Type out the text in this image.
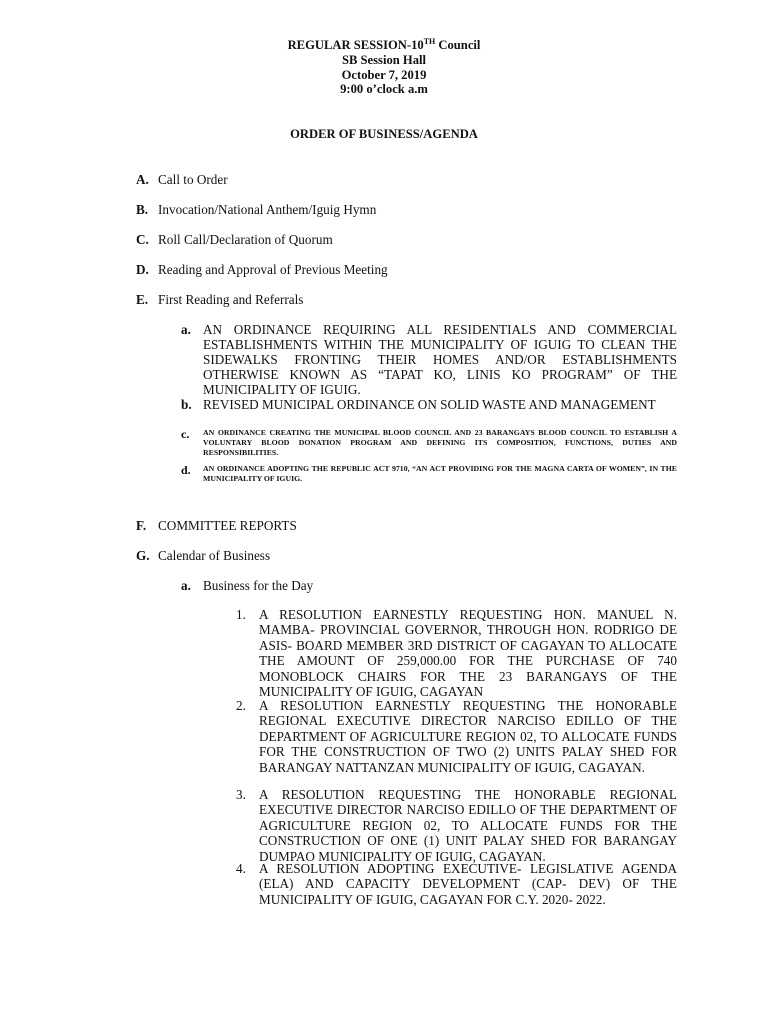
REGULAR SESSION-10TH Council
SB Session Hall
October 7, 2019
9:00 o’clock a.m
ORDER OF BUSINESS/AGENDA
A. Call to Order
B. Invocation/National Anthem/Iguig Hymn
C. Roll Call/Declaration of Quorum
D. Reading and Approval of Previous Meeting
E. First Reading and Referrals
a. AN ORDINANCE REQUIRING ALL RESIDENTIALS AND COMMERCIAL ESTABLISHMENTS WITHIN THE MUNICIPALITY OF IGUIG TO CLEAN THE SIDEWALKS FRONTING THEIR HOMES AND/OR ESTABLISHMENTS OTHERWISE KNOWN AS “TAPAT KO, LINIS KO PROGRAM” OF THE MUNICIPALITY OF IGUIG.
b. REVISED MUNICIPAL ORDINANCE ON SOLID WASTE AND MANAGEMENT
c. AN ORDINANCE CREATING THE MUNICIPAL BLOOD COUNCIL AND 23 BARANGAYS BLOOD COUNCIL TO ESTABLISH A VOLUNTARY BLOOD DONATION PROGRAM AND DEFINING ITS COMPOSITION, FUNCTIONS, DUTIES AND RESPONSIBILITIES.
d. AN ORDINANCE ADOPTING THE REPUBLIC ACT 9710, “AN ACT PROVIDING FOR THE MAGNA CARTA OF WOMEN”, IN THE MUNICIPALITY OF IGUIG.
F. COMMITTEE REPORTS
G. Calendar of Business
a. Business for the Day
1. A RESOLUTION EARNESTLY REQUESTING HON. MANUEL N. MAMBA- PROVINCIAL GOVERNOR, THROUGH HON. RODRIGO DE ASIS- BOARD MEMBER 3RD DISTRICT OF CAGAYAN TO ALLOCATE THE AMOUNT OF 259,000.00 FOR THE PURCHASE OF 740 MONOBLOCK CHAIRS FOR THE 23 BARANGAYS OF THE MUNICIPALITY OF IGUIG, CAGAYAN
2. A RESOLUTION EARNESTLY REQUESTING THE HONORABLE REGIONAL EXECUTIVE DIRECTOR NARCISO EDILLO OF THE DEPARTMENT OF AGRICULTURE REGION 02, TO ALLOCATE FUNDS FOR THE CONSTRUCTION OF TWO (2) UNITS PALAY SHED FOR BARANGAY NATTANZAN MUNICIPALITY OF IGUIG, CAGAYAN.
3. A RESOLUTION REQUESTING THE HONORABLE REGIONAL EXECUTIVE DIRECTOR NARCISO EDILLO OF THE DEPARTMENT OF AGRICULTURE REGION 02, TO ALLOCATE FUNDS FOR THE CONSTRUCTION OF ONE (1) UNIT PALAY SHED FOR BARANGAY DUMPAO MUNICIPALITY OF IGUIG, CAGAYAN.
4. A RESOLUTION ADOPTING EXECUTIVE- LEGISLATIVE AGENDA (ELA) AND CAPACITY DEVELOPMENT (CAP- DEV) OF THE MUNICIPALITY OF IGUIG, CAGAYAN FOR C.Y. 2020- 2022.
